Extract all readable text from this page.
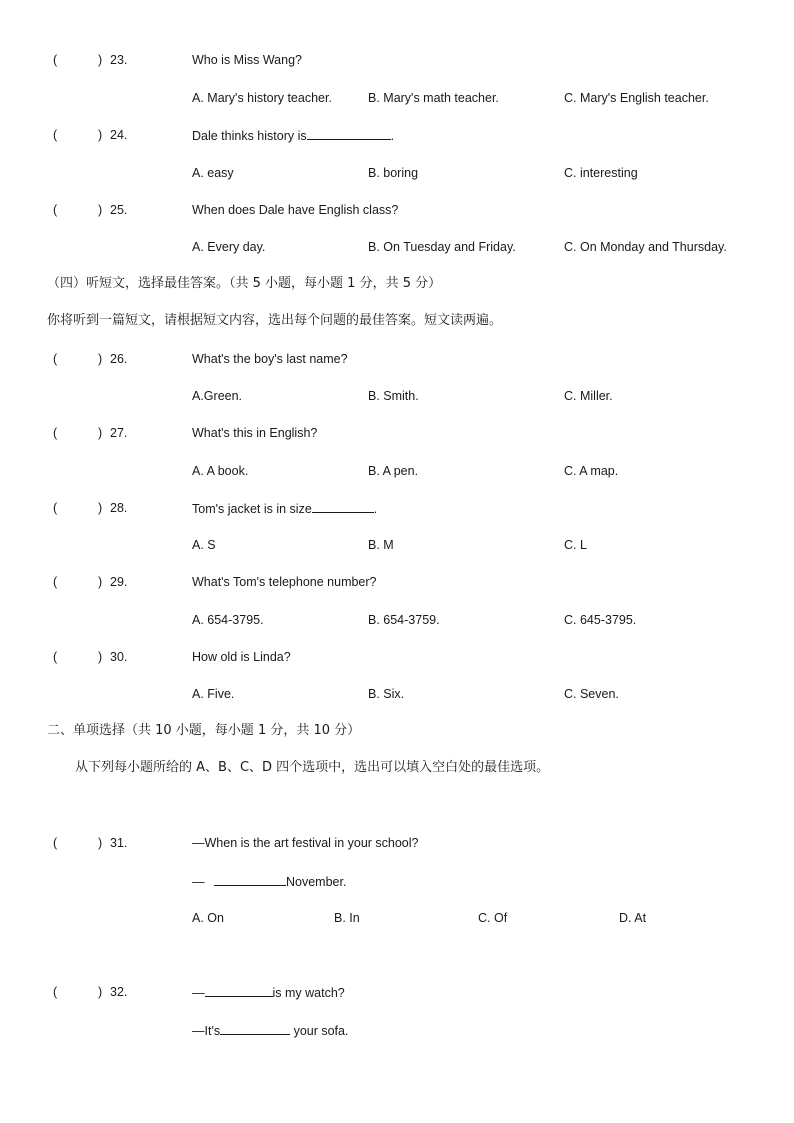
(	) 23.	Who is Miss Wang?
A. Mary's history teacher.	B. Mary's math teacher.	C. Mary's English teacher.
(	) 24.	Dale thinks history is	.
A. easy	B. boring	C. interesting
(	) 25.	When does Dale have English class?
A. Every day.	B. On Tuesday and Friday.	C. On Monday and Thursday.
（四）听短文，选择最佳答案。（共 5 小题，每小题 1 分，共 5 分）
你将听到一篇短文，请根据短文内容，选出每个问题的最佳答案。短文读两遍。
(	) 26.	What's the boy's last name?
A.Green.	B. Smith.	C. Miller.
(	) 27.	What's this in English?
A. A book.	B. A pen.	C. A map.
(	) 28.	Tom's jacket is in size	.
A. S	B. M	C. L
(	) 29.	What's Tom's telephone number?
A. 654-3795.	B. 654-3759.	C. 645-3795.
(	) 30.	How old is Linda?
A. Five.	B. Six.	C. Seven.
二、单项选择（共 10 小题，每小题 1 分，共 10 分）
从下列每小题所给的 A、B、C、D 四个选项中，选出可以填入空白处的最佳选项。
(	) 31.	—When is the art festival in your school?
—	November.
A. On	B. In	C. Of	D. At
(	) 32.	—	is my watch?
—It's	your sofa.
